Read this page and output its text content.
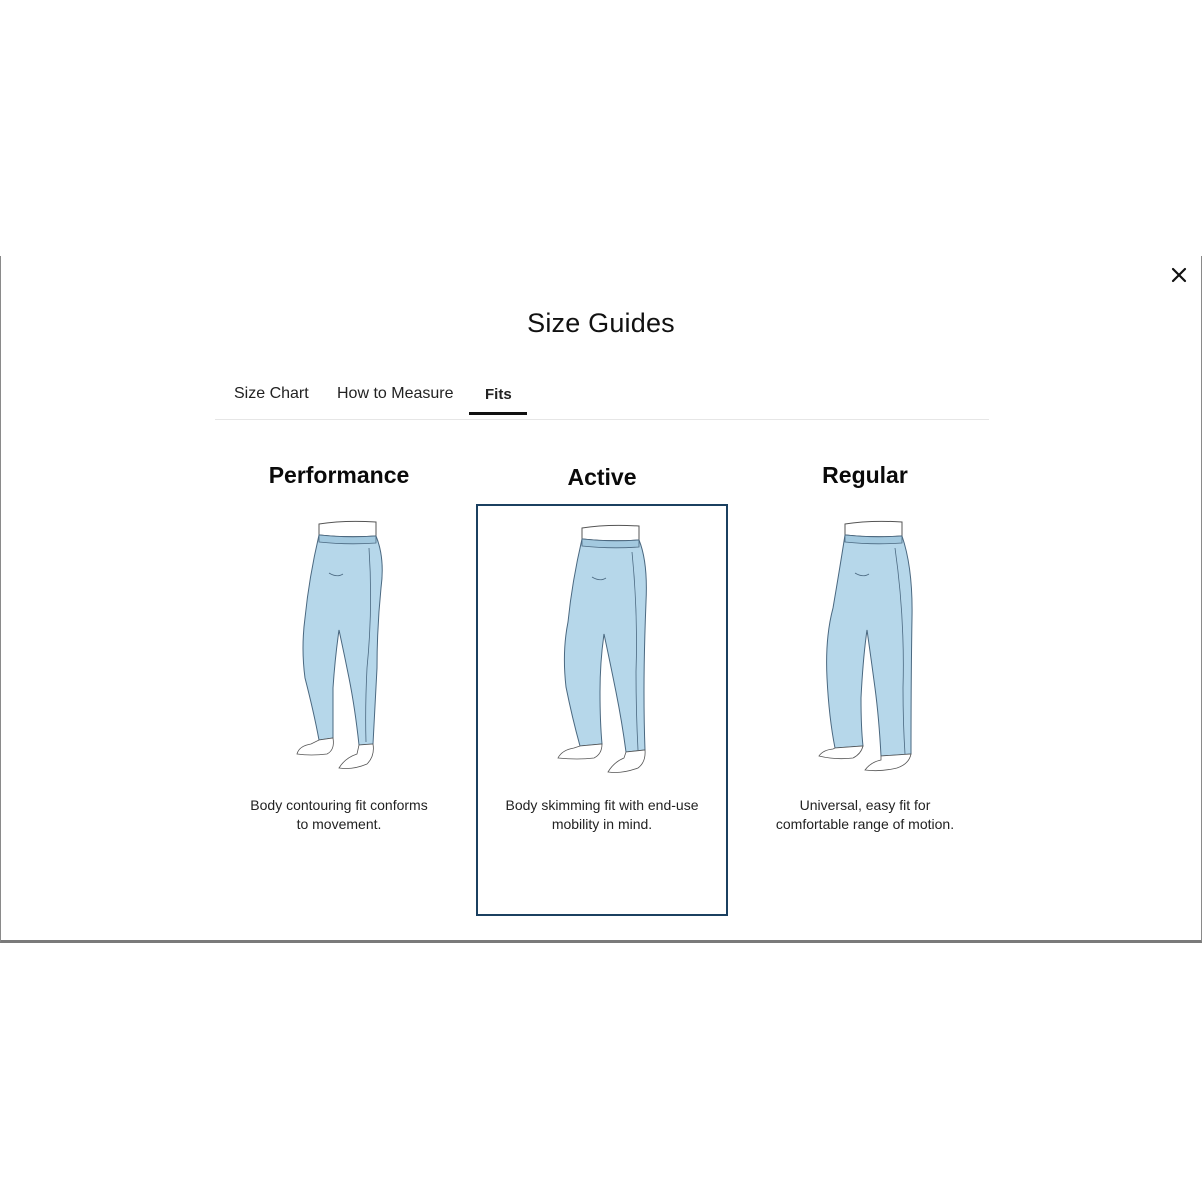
Size Guides
Size Chart How to Measure Fits
Performance
Body contouring fit conforms
to movement.
Active
Body skimming fit with end-use
mobility in mind.
Regular
Universal, easy fit for
comfortable range of motion.
